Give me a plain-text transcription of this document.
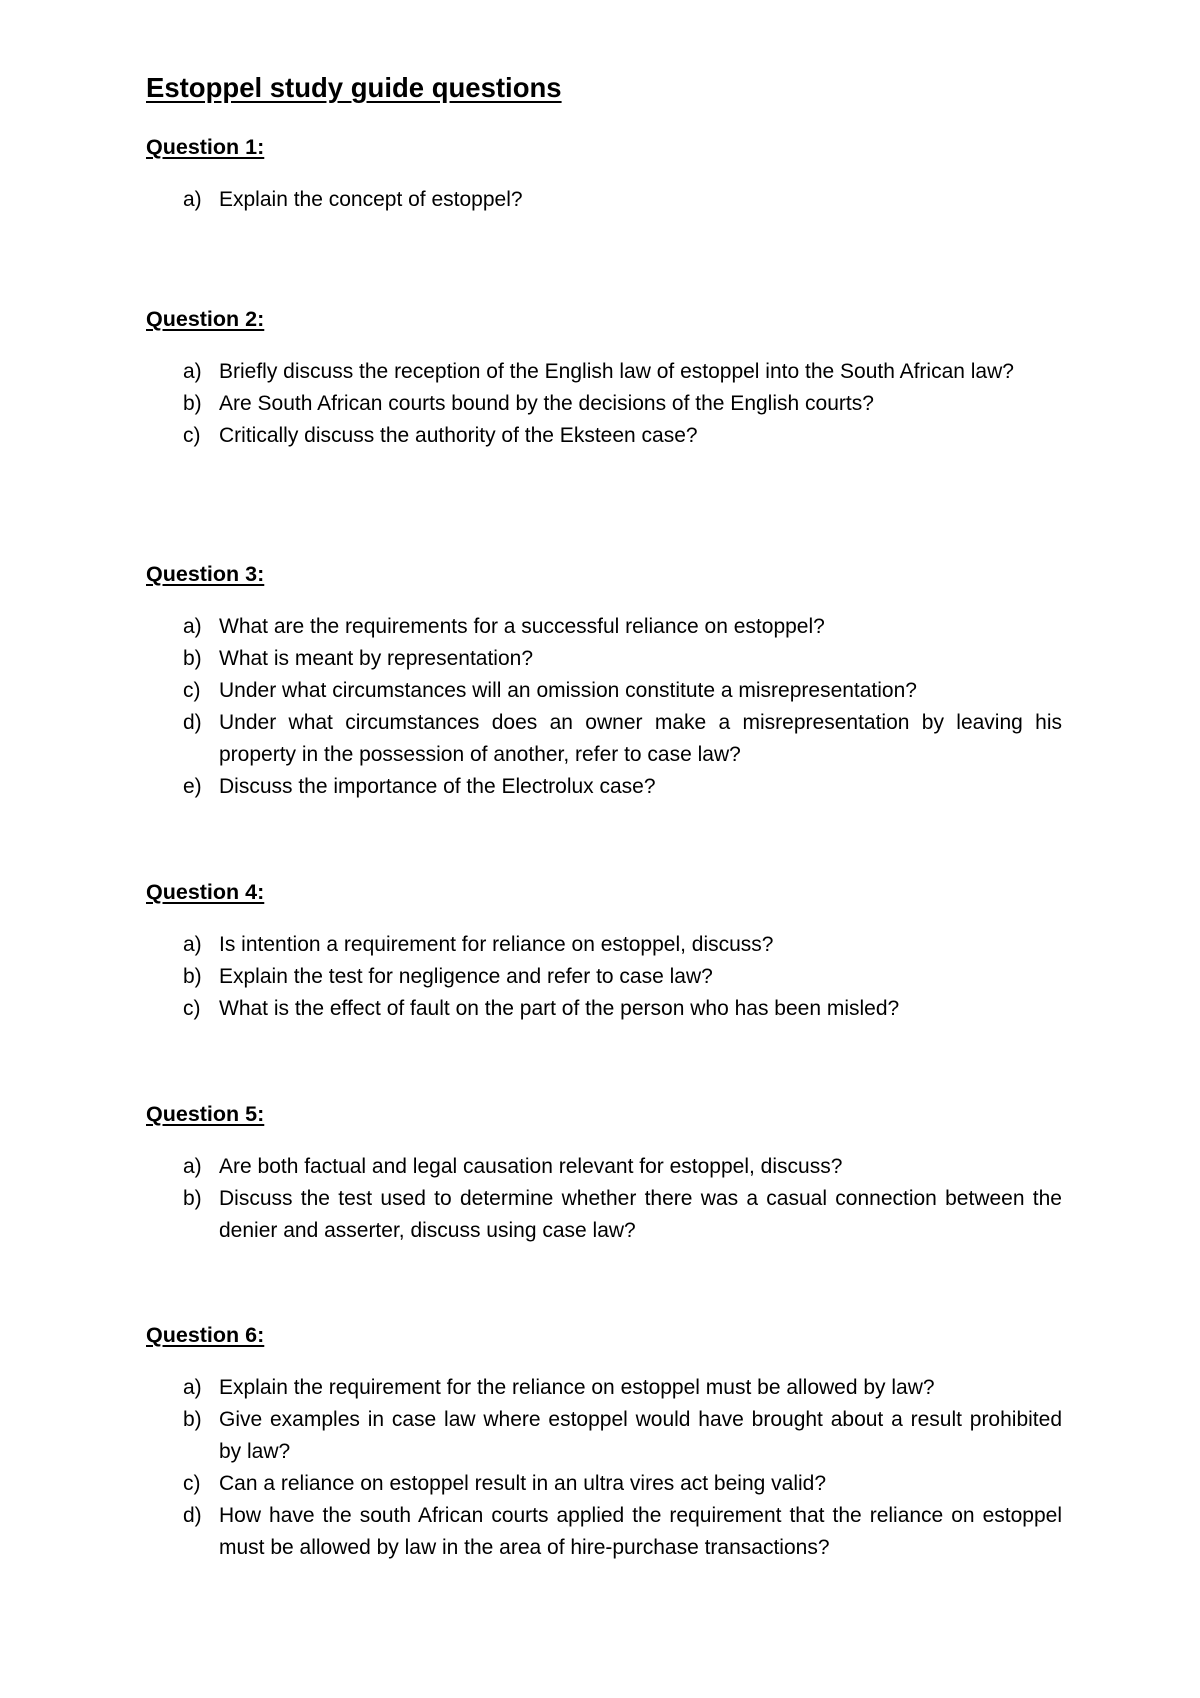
Estoppel study guide questions
Question 1:
a) Explain the concept of estoppel?
Question 2:
a) Briefly discuss the reception of the English law of estoppel into the South African law?
b) Are South African courts bound by the decisions of the English courts?
c) Critically discuss the authority of the Eksteen case?
Question 3:
a) What are the requirements for a successful reliance on estoppel?
b) What is meant by representation?
c) Under what circumstances will an omission constitute a misrepresentation?
d) Under what circumstances does an owner make a misrepresentation by leaving his property in the possession of another, refer to case law?
e) Discuss the importance of the Electrolux case?
Question 4:
a) Is intention a requirement for reliance on estoppel, discuss?
b) Explain the test for negligence and refer to case law?
c) What is the effect of fault on the part of the person who has been misled?
Question 5:
a) Are both factual and legal causation relevant for estoppel, discuss?
b) Discuss the test used to determine whether there was a casual connection between the denier and asserter, discuss using case law?
Question 6:
a) Explain the requirement for the reliance on estoppel must be allowed by law?
b) Give examples in case law where estoppel would have brought about a result prohibited by law?
c) Can a reliance on estoppel result in an ultra vires act being valid?
d) How have the south African courts applied the requirement that the reliance on estoppel must be allowed by law in the area of hire-purchase transactions?
